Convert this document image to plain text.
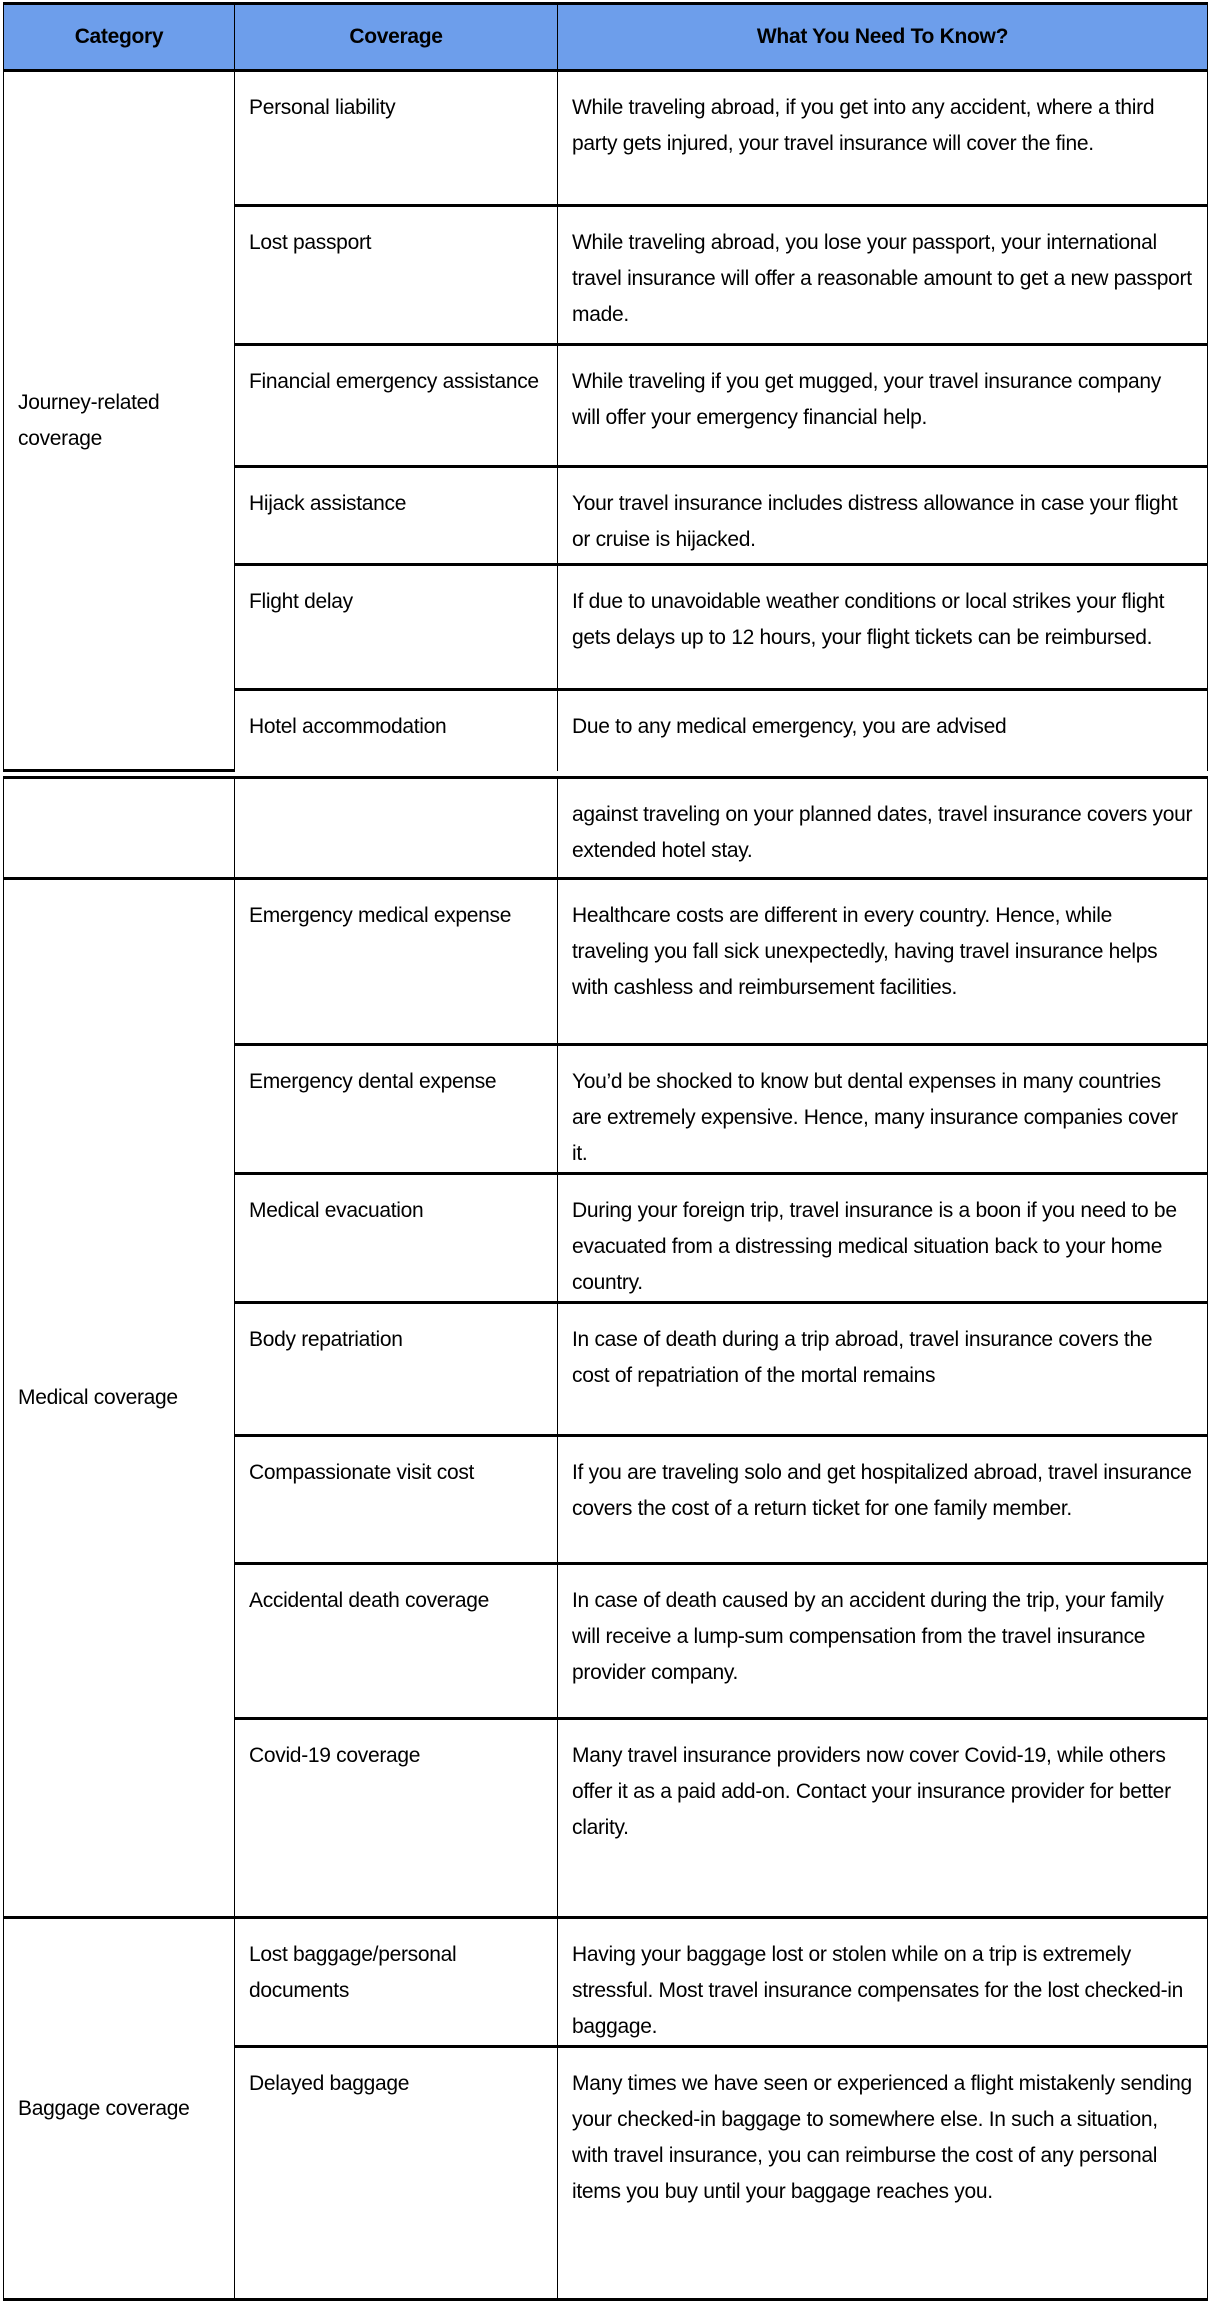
Category	Coverage	What You Need To Know?
Journey-related coverage	Personal liability	While traveling abroad, if you get into any accident, where a third party gets injured, your travel insurance will cover the fine.
	Lost passport	While traveling abroad, you lose your passport, your international travel insurance will offer a reasonable amount to get a new passport made.
	Financial emergency assistance	While traveling if you get mugged, your travel insurance company will offer your emergency financial help.
	Hijack assistance	Your travel insurance includes distress allowance in case your flight or cruise is hijacked.
	Flight delay	If due to unavoidable weather conditions or local strikes your flight gets delays up to 12 hours, your flight tickets can be reimbursed.
	Hotel accommodation	Due to any medical emergency, you are advised
		against traveling on your planned dates, travel insurance covers your extended hotel stay.
Medical coverage	Emergency medical expense	Healthcare costs are different in every country. Hence, while traveling you fall sick unexpectedly, having travel insurance helps with cashless and reimbursement facilities.
	Emergency dental expense	You’d be shocked to know but dental expenses in many countries are extremely expensive. Hence, many insurance companies cover it.
	Medical evacuation	During your foreign trip, travel insurance is a boon if you need to be evacuated from a distressing medical situation back to your home country.
	Body repatriation	In case of death during a trip abroad, travel insurance covers the cost of repatriation of the mortal remains
	Compassionate visit cost	If you are traveling solo and get hospitalized abroad, travel insurance covers the cost of a return ticket for one family member.
	Accidental death coverage	In case of death caused by an accident during the trip, your family will receive a lump-sum compensation from the travel insurance provider company.
	Covid-19 coverage	Many travel insurance providers now cover Covid-19, while others offer it as a paid add-on. Contact your insurance provider for better clarity.
Baggage coverage	Lost baggage/personal documents	Having your baggage lost or stolen while on a trip is extremely stressful. Most travel insurance compensates for the lost checked-in baggage.
	Delayed baggage	Many times we have seen or experienced a flight mistakenly sending your checked-in baggage to somewhere else. In such a situation, with travel insurance, you can reimburse the cost of any personal items you buy until your baggage reaches you.
